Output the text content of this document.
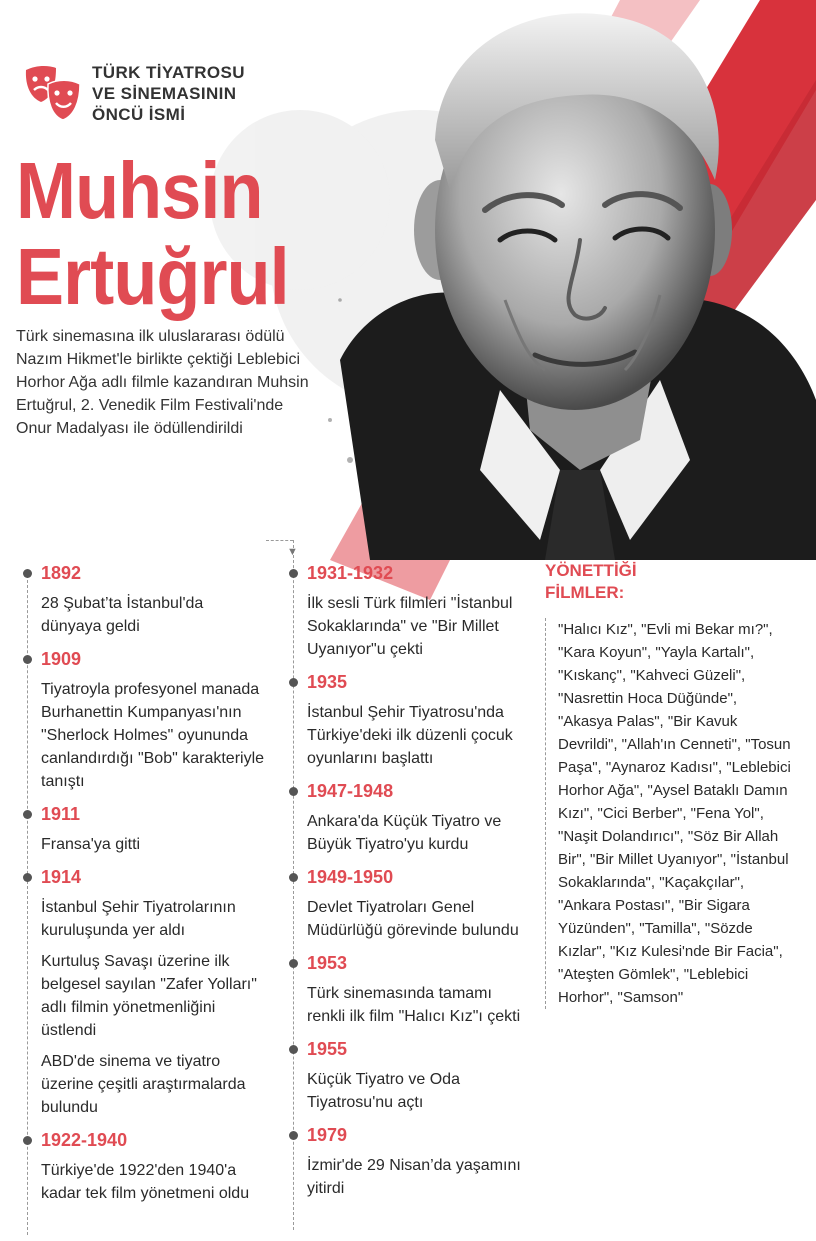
TÜRK TİYATROSU
VE SİNEMASININ
ÖNCÜ İSMİ
Muhsin
Ertuğrul

Türk sinemasına ilk uluslararası ödülü Nazım Hikmet'le birlikte çektiği Leblebici Horhor Ağa adlı filmle kazandıran Muhsin Ertuğrul, 2. Venedik Film Festivali'nde Onur Madalyası ile ödüllendirildi

▼
1892
28 Şubat’ta İstanbul'da dünyaya geldi
1909
Tiyatroyla profesyonel manada Burhanettin Kumpanyası'nın "Sherlock Holmes" oyununda canlandırdığı "Bob" karakteriyle tanıştı
1911
Fransa'ya gitti
1914
İstanbul Şehir Tiyatrolarının kuruluşunda yer aldı
Kurtuluş Savaşı üzerine ilk belgesel sayılan "Zafer Yolları" adlı filmin yönetmenliğini üstlendi
ABD'de sinema ve tiyatro üzerine çeşitli araştırmalarda bulundu
1922-1940
Türkiye'de 1922'den 1940'a kadar tek film yönetmeni oldu
1931-1932
İlk sesli Türk filmleri "İstanbul Sokaklarında" ve "Bir Millet Uyanıyor"u çekti
1935
İstanbul Şehir Tiyatrosu'nda Türkiye'deki ilk düzenli çocuk oyunlarını başlattı
1947-1948
Ankara'da Küçük Tiyatro ve Büyük Tiyatro'yu kurdu
1949-1950
Devlet Tiyatroları Genel Müdürlüğü görevinde bulundu
1953
Türk sinemasında tamamı renkli ilk film "Halıcı Kız"ı çekti
1955
Küçük Tiyatro ve Oda Tiyatrosu'nu açtı
1979
İzmir'de 29 Nisan’da yaşamını yitirdi
YÖNETTİĞİ
FİLMLER:
"Halıcı Kız", "Evli mi Bekar mı?", "Kara Koyun", "Yayla Kartalı", "Kıskanç", "Kahveci Güzeli", "Nasrettin Hoca Düğünde", "Akasya Palas", "Bir Kavuk Devrildi", "Allah'ın Cenneti", "Tosun Paşa", "Aynaroz Kadısı", "Leblebici Horhor Ağa", "Aysel Bataklı Damın Kızı", "Cici Berber", "Fena Yol", "Naşit Dolandırıcı", "Söz Bir Allah Bir", "Bir Millet Uyanıyor", "İstanbul Sokaklarında", "Kaçakçılar", "Ankara Postası", "Bir Sigara Yüzünden", "Tamilla", "Sözde Kızlar", "Kız Kulesi'nde Bir Facia", "Ateşten Gömlek", "Leblebici Horhor", "Samson"
